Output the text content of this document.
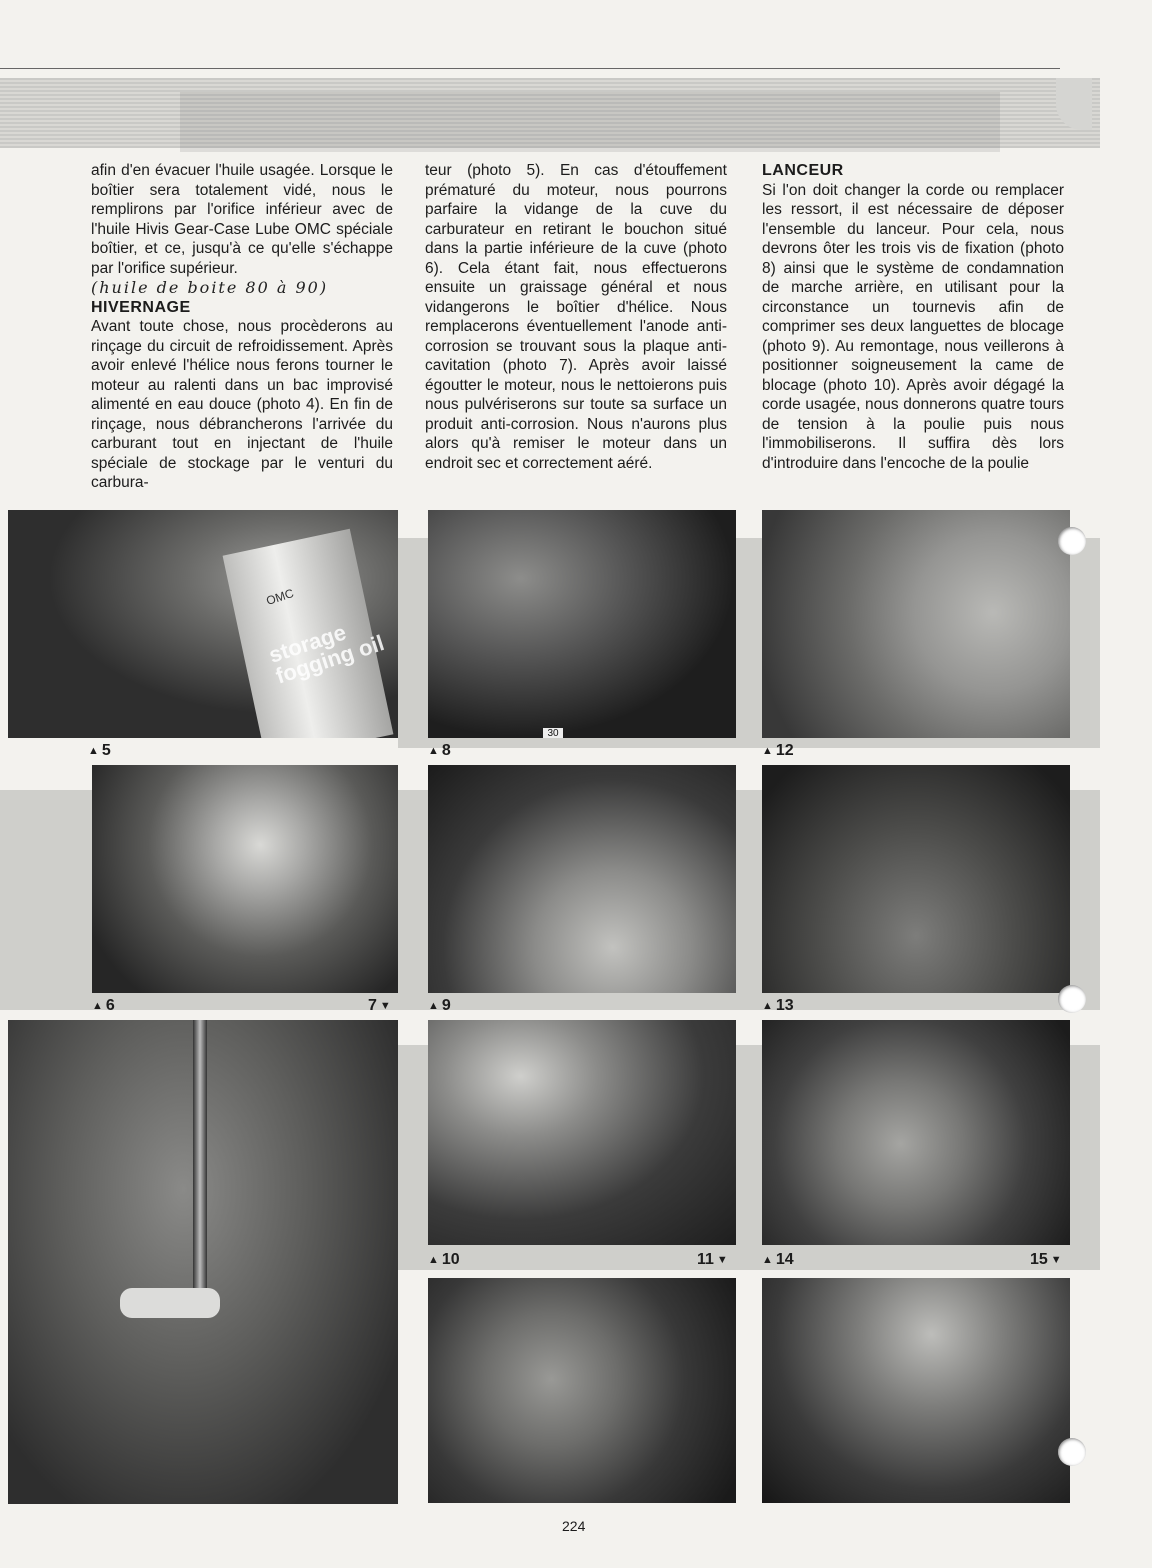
afin d'en évacuer l'huile usagée. Lorsque le boîtier sera totalement vidé, nous le remplirons par l'orifice inférieur avec de l'huile Hivis Gear-Case Lube OMC spéciale boîtier, et ce, jusqu'à ce qu'elle s'échappe par l'orifice supérieur.

(huile de boite 80 à 90)
HIVERNAGE

Avant toute chose, nous procèderons au rinçage du circuit de refroidissement. Après avoir enlevé l'hélice nous ferons tourner le moteur au ralenti dans un bac improvisé alimenté en eau douce (photo 4). En fin de rinçage, nous débrancherons l'arrivée du carburant tout en injectant de l'huile spéciale de stockage par le venturi du carbura-

teur (photo 5). En cas d'étouffement prématuré du moteur, nous pourrons parfaire la vidange de la cuve du carburateur en retirant le bouchon situé dans la partie inférieure de la cuve (photo 6). Cela étant fait, nous effectuerons ensuite un graissage général et nous vidangerons le boîtier d'hélice. Nous remplacerons éventuellement l'anode anti-corrosion se trouvant sous la plaque anti-cavitation (photo 7). Après avoir laissé égoutter le moteur, nous le nettoierons puis nous pulvériserons sur toute sa surface un produit anti-corrosion. Nous n'aurons plus alors qu'à remiser le moteur dans un endroit sec et correctement aéré.

LANCEUR

Si l'on doit changer la corde ou remplacer les ressort, il est nécessaire de déposer l'ensemble du lanceur. Pour cela, nous devrons ôter les trois vis de fixation (photo 8) ainsi que le système de condamnation de marche arrière, en utilisant pour la circonstance un tournevis afin de comprimer ses deux languettes de blocage (photo 9). Au remontage, nous veillerons à positionner soigneusement la came de blocage (photo 10). Après avoir dégagé la corde usagée, nous donnerons quatre tours de tension à la poulie puis nous l'immobiliserons. Il suffira dès lors d'introduire dans l'encoche de la poulie

storage fogging oil
OMC
▲ 5
30
▲ 8	▲ 12
▲ 6	7 ▼	▲ 9	▲ 13
▲ 10	11 ▼	▲ 14	15 ▼
224
